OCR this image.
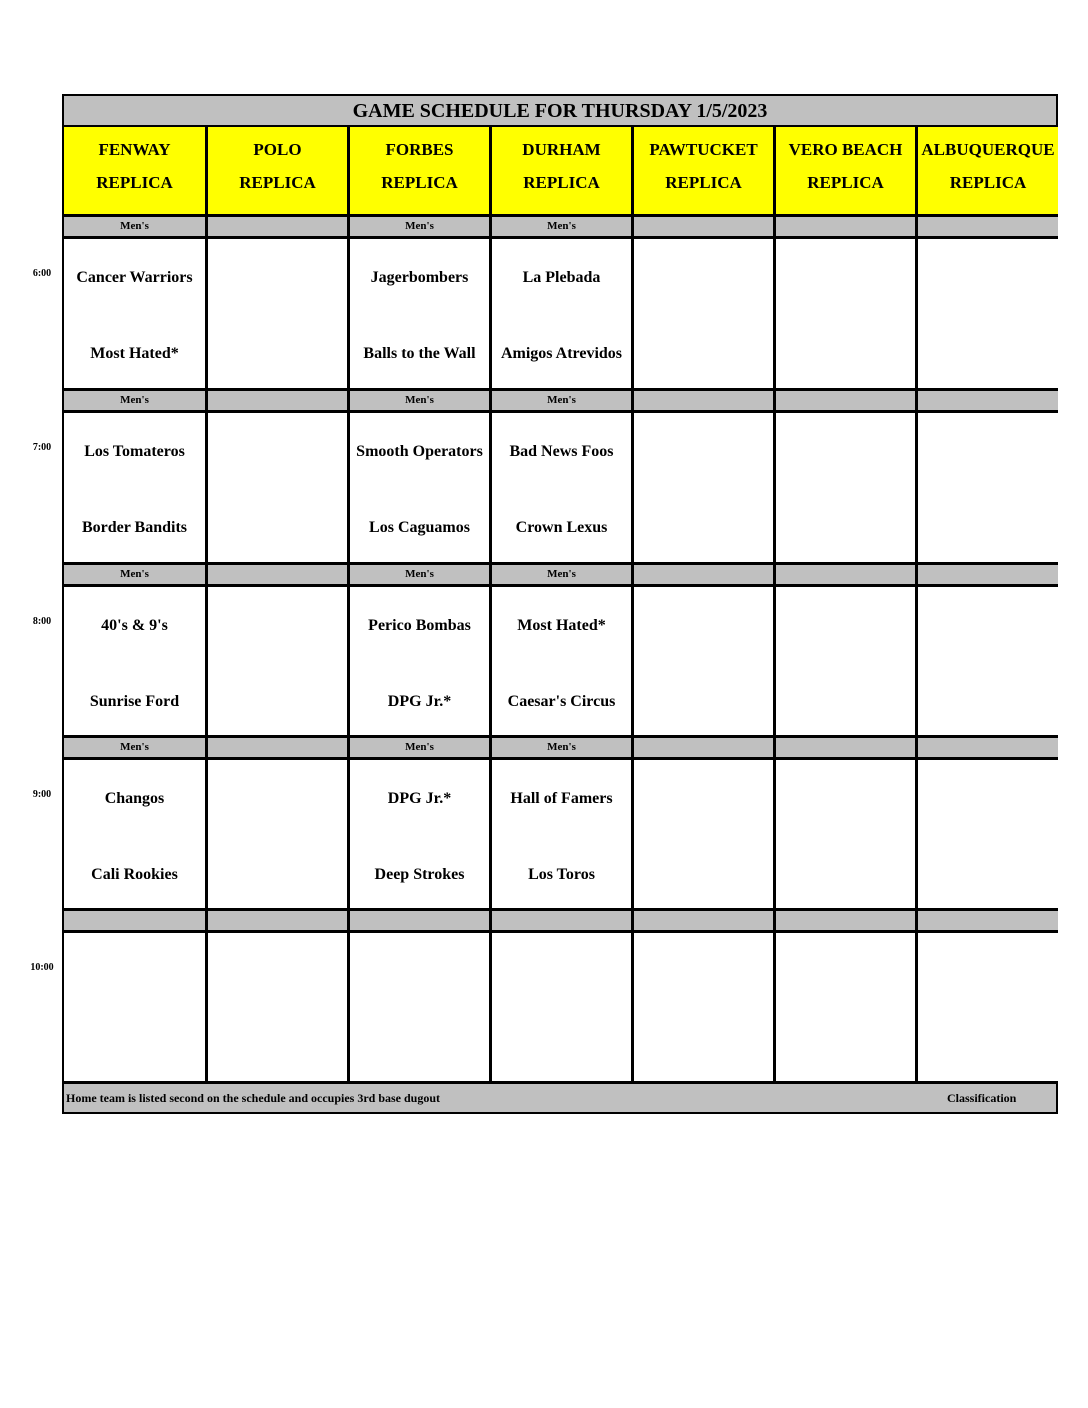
GAME SCHEDULE FOR THURSDAY 1/5/2023
FENWAY
REPLICA
POLO
REPLICA
FORBES
REPLICA
DURHAM
REPLICA
PAWTUCKET
REPLICA
VERO BEACH
REPLICA
ALBUQUERQUE
REPLICA
6:00
Men's
Cancer Warriors
Most Hated*
Men's
Jagerbombers
Balls to the Wall
Men's
La Plebada
Amigos Atrevidos
7:00
Men's
Los Tomateros
Border Bandits
Men's
Smooth Operators
Los Caguamos
Men's
Bad News Foos
Crown Lexus
8:00
Men's
40's & 9's
Sunrise Ford
Men's
Perico Bombas
DPG Jr.*
Men's
Most Hated*
Caesar's Circus
9:00
Men's
Changos
Cali Rookies
Men's
DPG Jr.*
Deep Strokes
Men's
Hall of Famers
Los Toros
10:00
Home team is listed second on the schedule and occupies 3rd base dugout	Classification
